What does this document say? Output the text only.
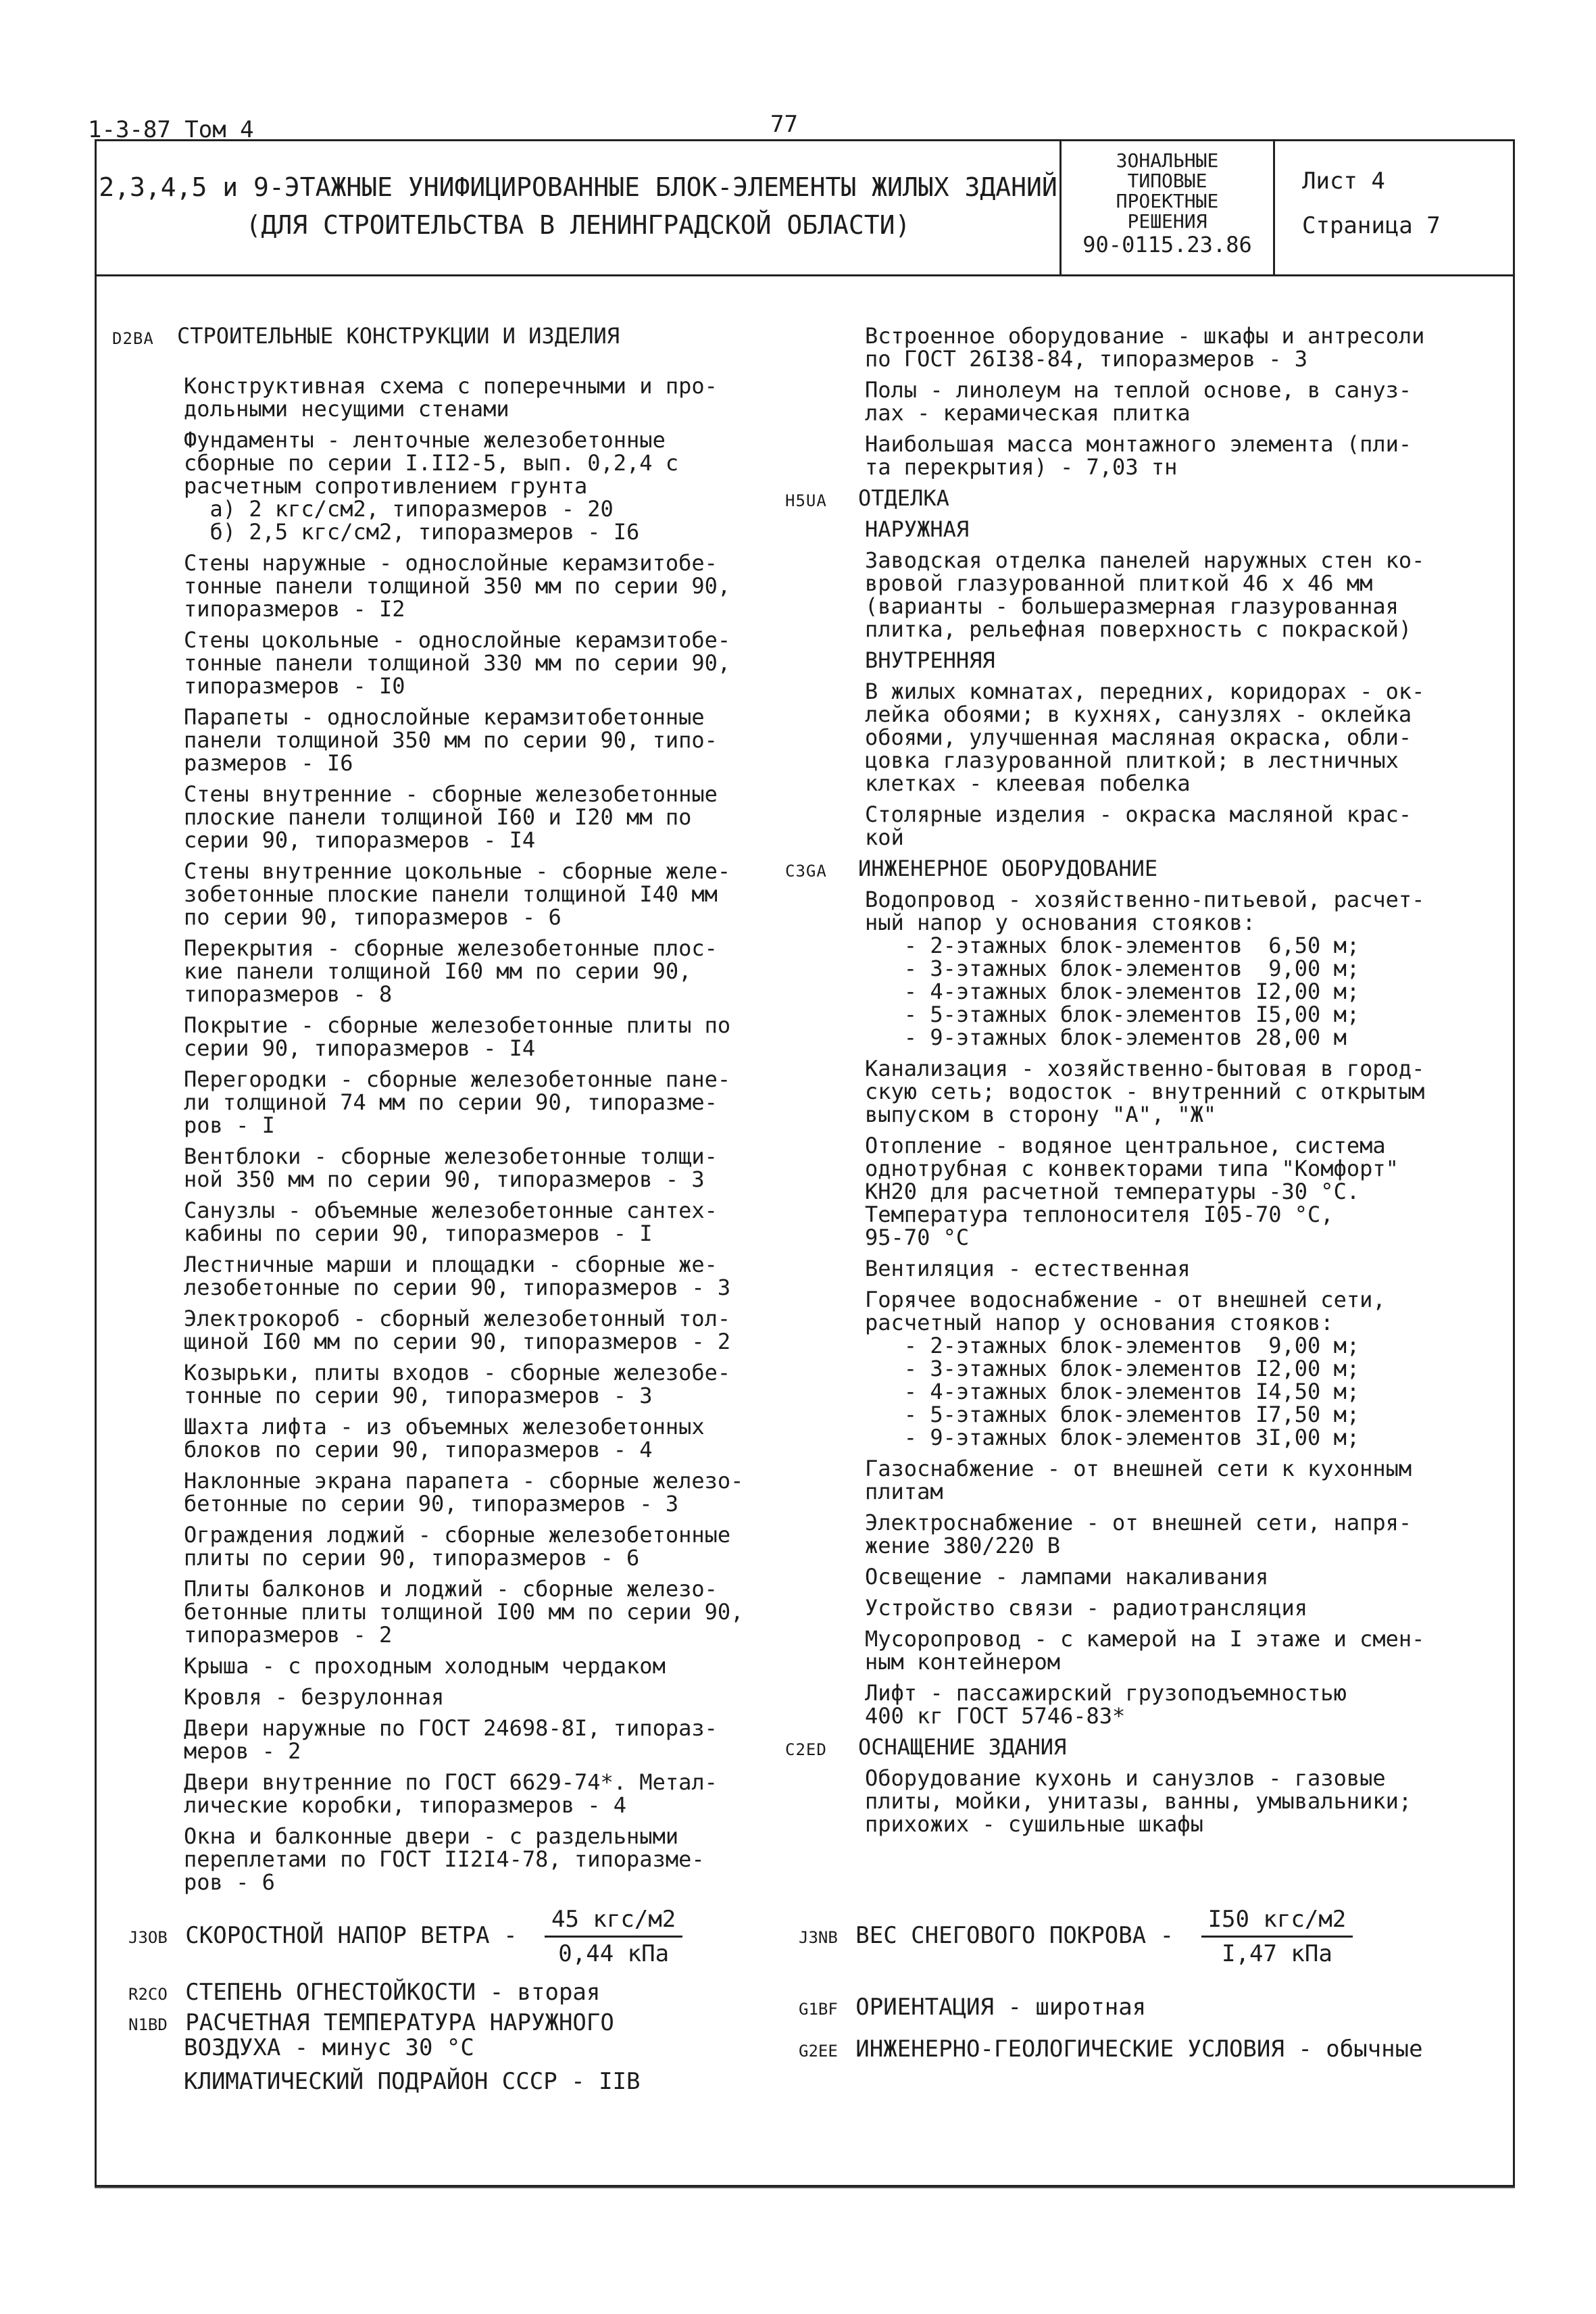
1-3-87 Том 4	77
2,3,4,5 и 9-ЭТАЖНЫЕ УНИФИЦИРОВАННЫЕ БЛОК-ЭЛЕМЕНТЫ ЖИЛЫХ ЗДАНИЙ
(ДЛЯ СТРОИТЕЛЬСТВА В ЛЕНИНГРАДСКОЙ ОБЛАСТИ)
ЗОНАЛЬНЫЕ
ТИПОВЫЕ
ПРОЕКТНЫЕ
РЕШЕНИЯ
90-0115.23.86
Лист 4
Страница 7
D2BA СТРОИТЕЛЬНЫЕ КОНСТРУКЦИИ И ИЗДЕЛИЯ
Конструктивная схема с поперечными и про-
дольными несущими стенами
Фундаменты - ленточные железобетонные
сборные по серии I.II2-5, вып. 0,2,4 с
расчетным сопротивлением грунта
а) 2 кгс/см2, типоразмеров - 20
б) 2,5 кгс/см2, типоразмеров - I6
Стены наружные - однослойные керамзитобе-
тонные панели толщиной 350 мм по серии 90,
типоразмеров - I2
Стены цокольные - однослойные керамзитобе-
тонные панели толщиной 330 мм по серии 90,
типоразмеров - I0
Парапеты - однослойные керамзитобетонные
панели толщиной 350 мм по серии 90, типо-
размеров - I6
Стены внутренние - сборные железобетонные
плоские панели толщиной I60 и I20 мм по
серии 90, типоразмеров - I4
Стены внутренние цокольные - сборные желе-
зобетонные плоские панели толщиной I40 мм
по серии 90, типоразмеров - 6
Перекрытия - сборные железобетонные плос-
кие панели толщиной I60 мм по серии 90,
типоразмеров - 8
Покрытие - сборные железобетонные плиты по
серии 90, типоразмеров - I4
Перегородки - сборные железобетонные пане-
ли толщиной 74 мм по серии 90, типоразме-
ров - I
Вентблоки - сборные железобетонные толщи-
ной 350 мм по серии 90, типоразмеров - 3
Санузлы - объемные железобетонные сантех-
кабины по серии 90, типоразмеров - I
Лестничные марши и площадки - сборные же-
лезобетонные по серии 90, типоразмеров - 3
Электрокороб - сборный железобетонный тол-
щиной I60 мм по серии 90, типоразмеров - 2
Козырьки, плиты входов - сборные железобе-
тонные по серии 90, типоразмеров - 3
Шахта лифта - из объемных железобетонных
блоков по серии 90, типоразмеров - 4
Наклонные экрана парапета - сборные железо-
бетонные по серии 90, типоразмеров - 3
Ограждения лоджий - сборные железобетонные
плиты по серии 90, типоразмеров - 6
Плиты балконов и лоджий - сборные железо-
бетонные плиты толщиной I00 мм по серии 90,
типоразмеров - 2
Крыша - с проходным холодным чердаком
Кровля - безрулонная
Двери наружные по ГОСТ 24698-8I, типораз-
меров - 2
Двери внутренние по ГОСТ 6629-74*. Метал-
лические коробки, типоразмеров - 4
Окна и балконные двери - с раздельными
переплетами по ГОСТ II2I4-78, типоразме-
ров - 6
Встроенное оборудование - шкафы и антресоли
по ГОСТ 26I38-84, типоразмеров - 3
Полы - линолеум на теплой основе, в сануз-
лах - керамическая плитка
Наибольшая масса монтажного элемента (пли-
та перекрытия) - 7,03 тн
H5UA ОТДЕЛКА
НАРУЖНАЯ
Заводская отделка панелей наружных стен ко-
вровой глазурованной плиткой 46 х 46 мм
(варианты - большеразмерная глазурованная
плитка, рельефная поверхность с покраской)
ВНУТРЕННЯЯ
В жилых комнатах, передних, коридорах - ок-
лейка обоями; в кухнях, санузлях - оклейка
обоями, улучшенная масляная окраска, обли-
цовка глазурованной плиткой; в лестничных
клетках - клеевая побелка
Столярные изделия - окраска масляной крас-
кой
C3GA ИНЖЕНЕРНОЕ ОБОРУДОВАНИЕ
Водопровод - хозяйственно-питьевой, расчет-
ный напор у основания стояков:
- 2-этажных блок-элементов  6,50 м;
- 3-этажных блок-элементов  9,00 м;
- 4-этажных блок-элементов I2,00 м;
- 5-этажных блок-элементов I5,00 м;
- 9-этажных блок-элементов 28,00 м
Канализация - хозяйственно-бытовая в город-
скую сеть; водосток - внутренний с открытым
выпуском в сторону "А", "Ж"
Отопление - водяное центральное, система
однотрубная с конвекторами типа "Комфорт"
КН20 для расчетной температуры -30 °С.
Температура теплоносителя I05-70 °С,
95-70 °С
Вентиляция - естественная
Горячее водоснабжение - от внешней сети,
расчетный напор у основания стояков:
- 2-этажных блок-элементов  9,00 м;
- 3-этажных блок-элементов I2,00 м;
- 4-этажных блок-элементов I4,50 м;
- 5-этажных блок-элементов I7,50 м;
- 9-этажных блок-элементов 3I,00 м;
Газоснабжение - от внешней сети к кухонным
плитам
Электроснабжение - от внешней сети, напря-
жение 380/220 В
Освещение - лампами накаливания
Устройство связи - радиотрансляция
Мусоропровод - с камерой на I этаже и смен-
ным контейнером
Лифт - пассажирский грузоподъемностью
400 кг ГОСТ 5746-83*
C2ED ОСНАЩЕНИЕ ЗДАНИЯ
Оборудование кухонь и санузлов - газовые
плиты, мойки, унитазы, ванны, умывальники;
прихожих - сушильные шкафы
J3OB СКОРОСТНОЙ НАПОР ВЕТРА - $\frac{\text{45 кгс/м2}}{\text{0,44 кПа}}$	J3NB ВЕС СНЕГОВОГО ПОКРОВА - $\frac{\text{I50 кгс/м2}}{\text{I,47 кПа}}$
R2CO СТЕПЕНЬ ОГНЕСТОЙКОСТИ - вторая
N1BD РАСЧЕТНАЯ ТЕМПЕРАТУРА НАРУЖНОГО
ВОЗДУХА - минус 30 °С
КЛИМАТИЧЕСКИЙ ПОДРАЙОН СССР - IIВ
G1BF ОРИЕНТАЦИЯ - широтная
G2EE ИНЖЕНЕРНО-ГЕОЛОГИЧЕСКИЕ УСЛОВИЯ - обычные
